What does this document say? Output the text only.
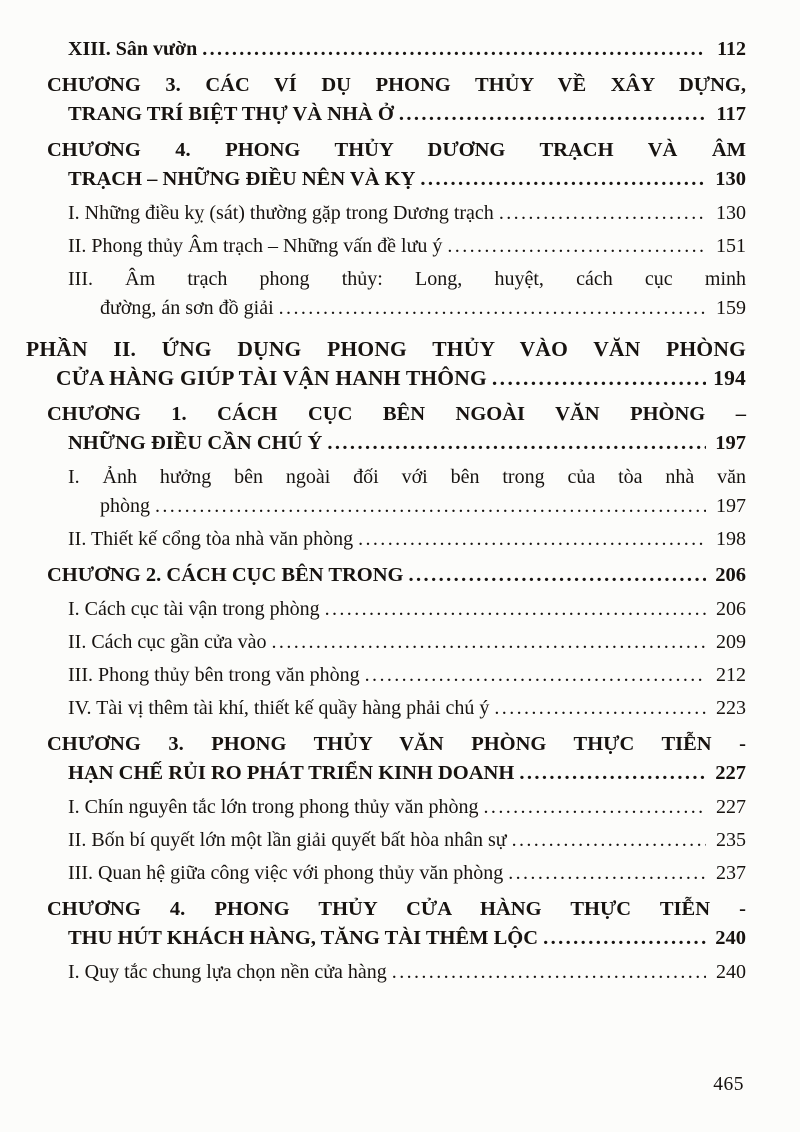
XIII. Sân vườn .....	112
CHƯƠNG 3. CÁC VÍ DỤ PHONG THỦY VỀ XÂY DỰNG,
TRANG TRÍ BIỆT THỰ VÀ NHÀ Ở .....	117
CHƯƠNG 4. PHONG THỦY DƯƠNG TRẠCH VÀ ÂM
TRẠCH – NHỮNG ĐIỀU NÊN VÀ KỴ .....	130
I. Những điều kỵ (sát) thường gặp trong Dương trạch .....	130
II. Phong thủy Âm trạch – Những vấn đề lưu ý .....	151
III. Âm trạch phong thủy: Long, huyệt, cách cục minh
đường, án sơn đồ giải .....	159
PHẦN II. ỨNG DỤNG PHONG THỦY VÀO VĂN PHÒNG
CỬA HÀNG GIÚP TÀI VẬN HANH THÔNG .....	194
CHƯƠNG 1. CÁCH CỤC BÊN NGOÀI VĂN PHÒNG –
NHỮNG ĐIỀU CẦN CHÚ Ý .....	197
I. Ảnh hưởng bên ngoài đối với bên trong của tòa nhà văn
phòng .....	197
II. Thiết kế cổng tòa nhà văn phòng .....	198
CHƯƠNG 2. CÁCH CỤC BÊN TRONG .....	206
I. Cách cục tài vận trong phòng .....	206
II. Cách cục gần cửa vào .....	209
III. Phong thủy bên trong văn phòng .....	212
IV. Tài vị thêm tài khí, thiết kế quầy hàng phải chú ý .....	223
CHƯƠNG 3. PHONG THỦY VĂN PHÒNG THỰC TIỄN -
HẠN CHẾ RỦI RO PHÁT TRIỂN KINH DOANH .....	227
I. Chín nguyên tắc lớn trong phong thủy văn phòng .....	227
II. Bốn bí quyết lớn một lần giải quyết bất hòa nhân sự .....	235
III. Quan hệ giữa công việc với phong thủy văn phòng .....	237
CHƯƠNG 4. PHONG THỦY CỬA HÀNG THỰC TIỄN -
THU HÚT KHÁCH HÀNG, TĂNG TÀI THÊM LỘC .....	240
I. Quy tắc chung lựa chọn nền cửa hàng .....	240
465
